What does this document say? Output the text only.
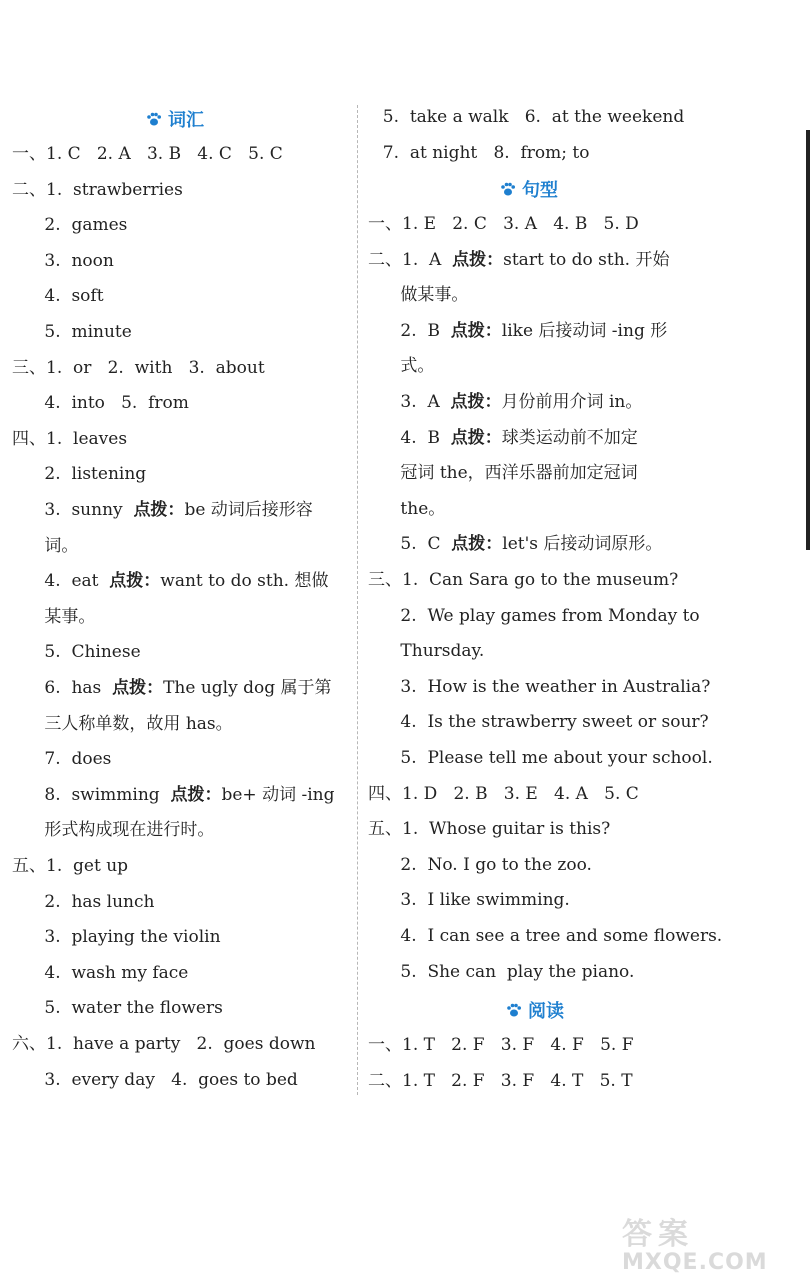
词汇
一、1. C   2. A   3. B   4. C   5. C
二、1.  strawberries
2.  games
3.  noon
4.  soft
5.  minute
三、1.  or   2.  with   3.  about
4.  into   5.  from
四、1.  leaves
2.  listening
3.  sunny  点拨：be 动词后接形容
词。
4.  eat  点拨：want to do sth. 想做
某事。
5.  Chinese
6.  has  点拨：The ugly dog 属于第
三人称单数，故用 has。
7.  does
8.  swimming  点拨：be+ 动词 -ing
形式构成现在进行时。
五、1.  get up
2.  has lunch
3.  playing the violin
4.  wash my face
5.  water the flowers
六、1.  have a party   2.  goes down
3.  every day   4.  goes to bed
5.  take a walk   6.  at the weekend
7.  at night   8.  from; to
句型
一、1. E   2. C   3. A   4. B   5. D
二、1.  A  点拨：start to do sth. 开始
做某事。
2.  B  点拨：like 后接动词 -ing 形
式。
3.  A  点拨：月份前用介词 in。
4.  B  点拨：球类运动前不加定
冠词 the，西洋乐器前加定冠词
the。
5.  C  点拨：let's 后接动词原形。
三、1.  Can Sara go to the museum?
2.  We play games from Monday to
Thursday.
3.  How is the weather in Australia?
4.  Is the strawberry sweet or sour?
5.  Please tell me about your school.
四、1. D   2. B   3. E   4. A   5. C
五、1.  Whose guitar is this?
2.  No. I go to the zoo.
3.  I like swimming.
4.  I can see a tree and some flowers.
5.  She can  play the piano.
阅读
一、1. T   2. F   3. F   4. F   5. F
二、1. T   2. F   3. F   4. T   5. T
答案
MXQE.COM
